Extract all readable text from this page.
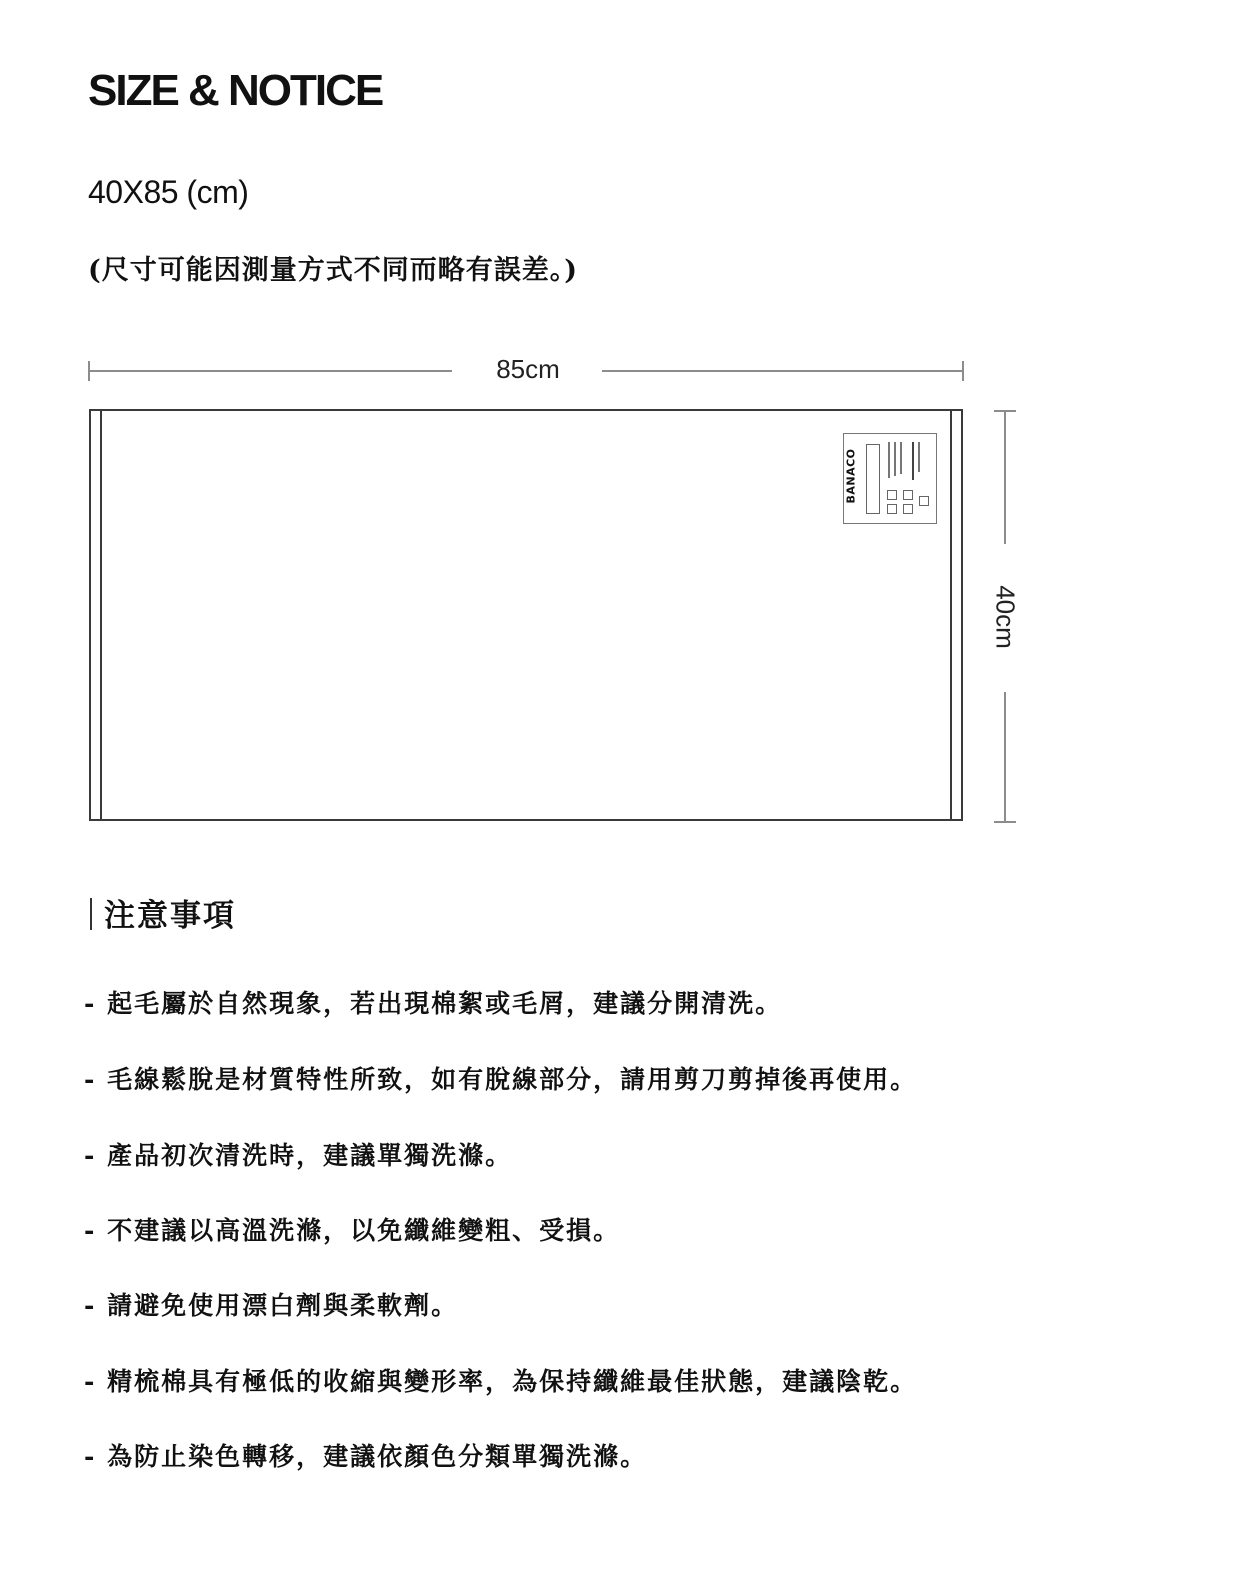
SIZE & NOTICE
40X85 (cm)
(尺寸可能因測量方式不同而略有誤差。)
85cm
40cm
BANACO
注意事項
- 起毛屬於自然現象，若出現棉絮或毛屑，建議分開清洗。
- 毛線鬆脫是材質特性所致，如有脫線部分，請用剪刀剪掉後再使用。
- 產品初次清洗時，建議單獨洗滌。
- 不建議以高溫洗滌，以免纖維變粗、受損。
- 請避免使用漂白劑與柔軟劑。
- 精梳棉具有極低的收縮與變形率，為保持纖維最佳狀態，建議陰乾。
- 為防止染色轉移，建議依顏色分類單獨洗滌。
